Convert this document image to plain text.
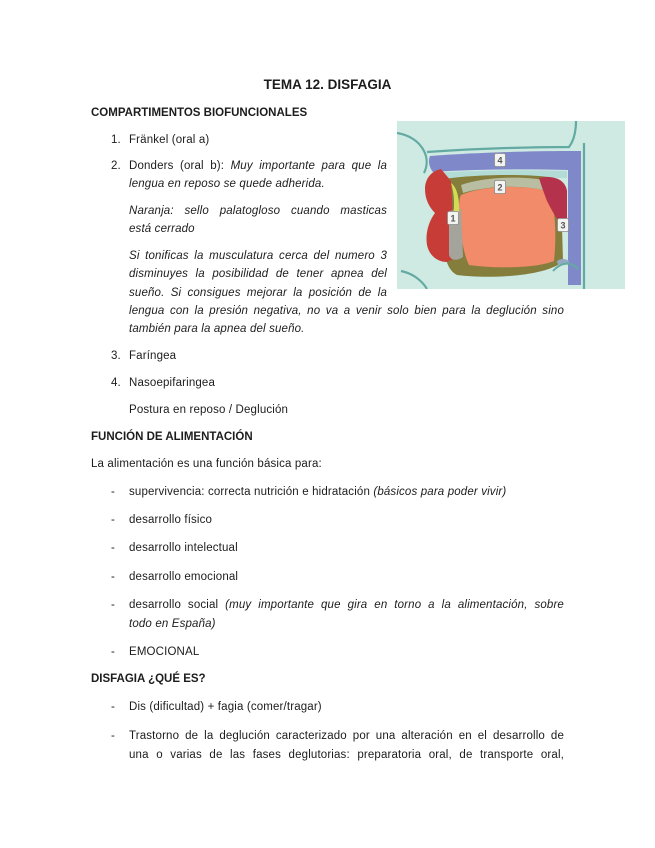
TEMA 12. DISFAGIA
COMPARTIMENTOS BIOFUNCIONALES
1. Fränkel (oral a)
2. Donders (oral b): Muy importante para que la
lengua en reposo se quede adherida.
Naranja: sello palatogloso cuando masticas
está cerrado
Si tonificas la musculatura cerca del numero 3
disminuyes la posibilidad de tener apnea del
sueño. Si consigues mejorar la posición de la
lengua con la presión negativa, no va a venir solo bien para la deglución sino
también para la apnea del sueño.
3. Faríngea
4. Nasoepifaringea
Postura en reposo / Deglución
4
2
1
3
FUNCIÓN DE ALIMENTACIÓN
La alimentación es una función básica para:
- supervivencia: correcta nutrición e hidratación (básicos para poder vivir)
- desarrollo físico
- desarrollo intelectual
- desarrollo emocional
- desarrollo social (muy importante que gira en torno a la alimentación, sobre
todo en España)
- EMOCIONAL
DISFAGIA ¿QUÉ ES?
- Dis (dificultad) + fagia (comer/tragar)
- Trastorno de la deglución caracterizado por una alteración en el desarrollo de
una o varias de las fases deglutorias: preparatoria oral, de transporte oral,
